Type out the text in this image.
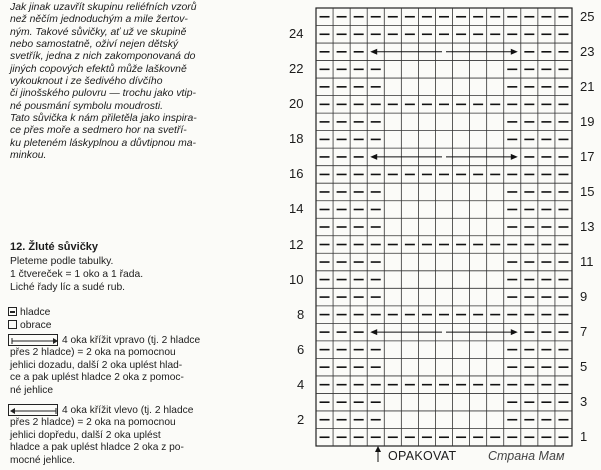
Jak jinak uzavřít skupinu reliéfních vzorů

než něčím jednoduchým a mile žertov-

ným. Takové sůvičky, ať už ve skupině

nebo samostatně, oživí nejen dětský

svetřík, jedna z nich zakomponovaná do

jiných copových efektů může laškovně

vykouknout i ze šedivého dívčího

či jinošského pulovru — trochu jako vtip-

né pousmání symbolu moudrosti.

Tato sůvička k nám přiletěla jako inspira-

ce přes moře a sedmero hor na svetří-

ku pleteném láskyplnou a důvtipnou ma-

minkou.

12. Žluté sůvičky
Pleteme podle tabulky.
1 čtvereček = 1 oko a 1 řada.
Liché řady líc a sudé rub.
hladce
obrace
4 oka křížit vpravo (tj. 2 hladce
přes 2 hladce) = 2 oka na pomocnou
jehlici dozadu, další 2 oka uplést hlad-
ce a pak uplést hladce 2 oka z pomoc-
né jehlice
4 oka křížit vlevo (tj. 2 hladce
přes 2 hladce) = 2 oka na pomocnou
jehlici dopředu, další 2 oka uplést
hladce a pak uplést hladce 2 oka z po-
mocné jehlice.
25
23
21
19
17
15
13
11
9
7
5
3
1
24
22
20
18
16
14
12
10
8
6
4
2
OPAKOVAT	Страна Мам
